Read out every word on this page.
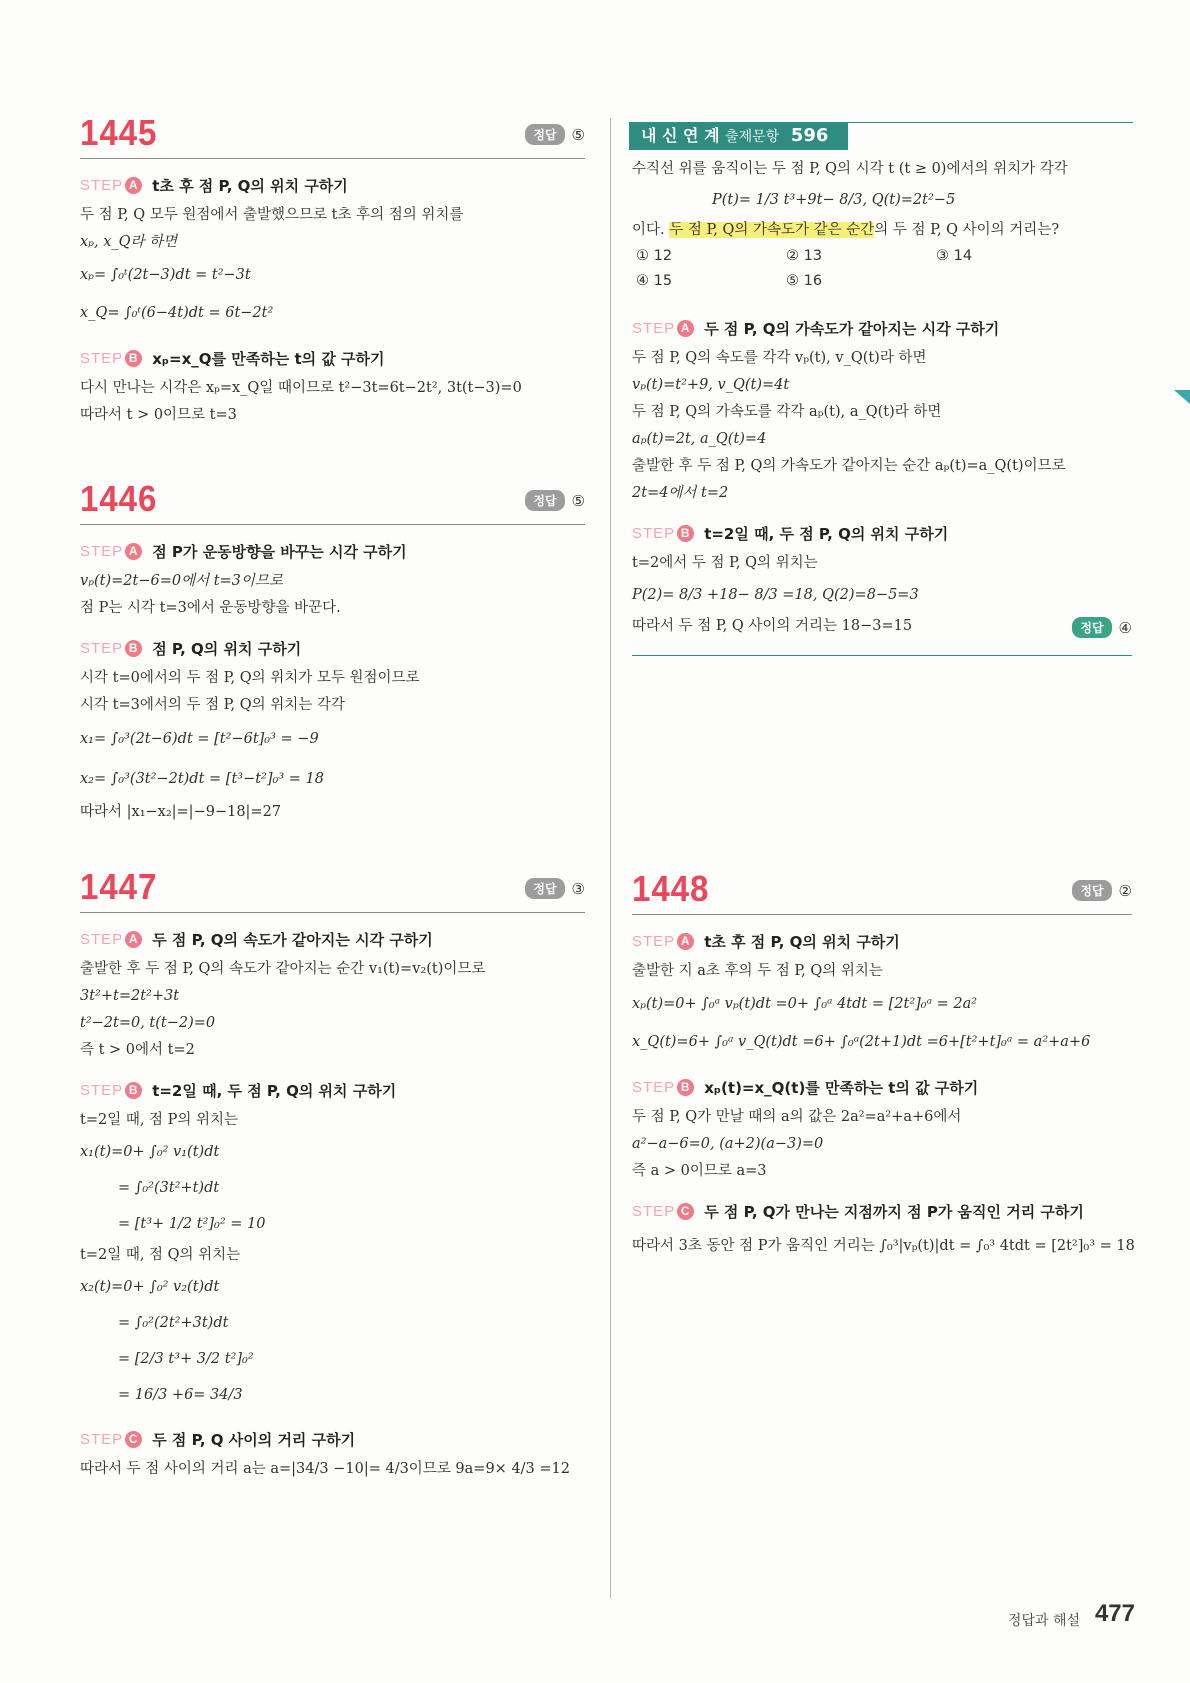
1445	정답	⑤
STEP A t초 후 점 P, Q의 위치 구하기
두 점 P, Q 모두 원점에서 출발했으므로 t초 후의 점의 위치를
xₚ, x_Q라 하면
xₚ= ∫₀ᵗ(2t−3)dt = t²−3t
x_Q= ∫₀ᵗ(6−4t)dt = 6t−2t²
STEP B xₚ=x_Q를 만족하는 t의 값 구하기
다시 만나는 시각은 xₚ=x_Q일 때이므로 t²−3t=6t−2t², 3t(t−3)=0
따라서 t > 0이므로 t=3
1446	정답	⑤
STEP A 점 P가 운동방향을 바꾸는 시각 구하기
vₚ(t)=2t−6=0에서 t=3이므로
점 P는 시각 t=3에서 운동방향을 바꾼다.
STEP B 점 P, Q의 위치 구하기
시각 t=0에서의 두 점 P, Q의 위치가 모두 원점이므로
시각 t=3에서의 두 점 P, Q의 위치는 각각
x₁= ∫₀³(2t−6)dt = [t²−6t]₀³ = −9
x₂= ∫₀³(3t²−2t)dt = [t³−t²]₀³ = 18
따라서 |x₁−x₂|=|−9−18|=27
1447	정답	③
STEP A 두 점 P, Q의 속도가 같아지는 시각 구하기
출발한 후 두 점 P, Q의 속도가 같아지는 순간 v₁(t)=v₂(t)이므로
3t²+t=2t²+3t
t²−2t=0, t(t−2)=0
즉 t > 0에서 t=2
STEP B t=2일 때, 두 점 P, Q의 위치 구하기
t=2일 때, 점 P의 위치는
x₁(t)=0+ ∫₀² v₁(t)dt
= ∫₀²(3t²+t)dt
= [t³+ 1/2 t²]₀² = 10
t=2일 때, 점 Q의 위치는
x₂(t)=0+ ∫₀² v₂(t)dt
= ∫₀²(2t²+3t)dt
= [2/3 t³+ 3/2 t²]₀²
= 16/3 +6= 34/3
STEP C 두 점 P, Q 사이의 거리 구하기
따라서 두 점 사이의 거리 a는 a=|34/3 −10|= 4/3이므로 9a=9× 4/3 =12
내 신 연 계 출제문항 596
수직선 위를 움직이는 두 점 P, Q의 시각 t (t ≥ 0)에서의 위치가 각각
P(t)= 1/3 t³+9t− 8/3, Q(t)=2t²−5
이다. 두 점 P, Q의 가속도가 같은 순간의 두 점 P, Q 사이의 거리는?
① 12	② 13	③ 14
④ 15	⑤ 16
STEP A 두 점 P, Q의 가속도가 같아지는 시각 구하기
두 점 P, Q의 속도를 각각 vₚ(t), v_Q(t)라 하면
vₚ(t)=t²+9, v_Q(t)=4t
두 점 P, Q의 가속도를 각각 aₚ(t), a_Q(t)라 하면
aₚ(t)=2t, a_Q(t)=4
출발한 후 두 점 P, Q의 가속도가 같아지는 순간 aₚ(t)=a_Q(t)이므로
2t=4에서 t=2
STEP B t=2일 때, 두 점 P, Q의 위치 구하기
t=2에서 두 점 P, Q의 위치는
P(2)= 8/3 +18− 8/3 =18, Q(2)=8−5=3
따라서 두 점 P, Q 사이의 거리는 18−3=15	정답	④
1448	정답	②
STEP A t초 후 점 P, Q의 위치 구하기
출발한 지 a초 후의 두 점 P, Q의 위치는
xₚ(t)=0+ ∫₀ᵃ vₚ(t)dt =0+ ∫₀ᵃ 4tdt = [2t²]₀ᵃ = 2a²
x_Q(t)=6+ ∫₀ᵃ v_Q(t)dt =6+ ∫₀ᵃ(2t+1)dt =6+[t²+t]₀ᵃ = a²+a+6
STEP B xₚ(t)=x_Q(t)를 만족하는 t의 값 구하기
두 점 P, Q가 만날 때의 a의 값은 2a²=a²+a+6에서
a²−a−6=0, (a+2)(a−3)=0
즉 a > 0이므로 a=3
STEP C 두 점 P, Q가 만나는 지점까지 점 P가 움직인 거리 구하기
따라서 3초 동안 점 P가 움직인 거리는 ∫₀³|vₚ(t)|dt = ∫₀³ 4tdt = [2t²]₀³ = 18
정답과 해설 477
